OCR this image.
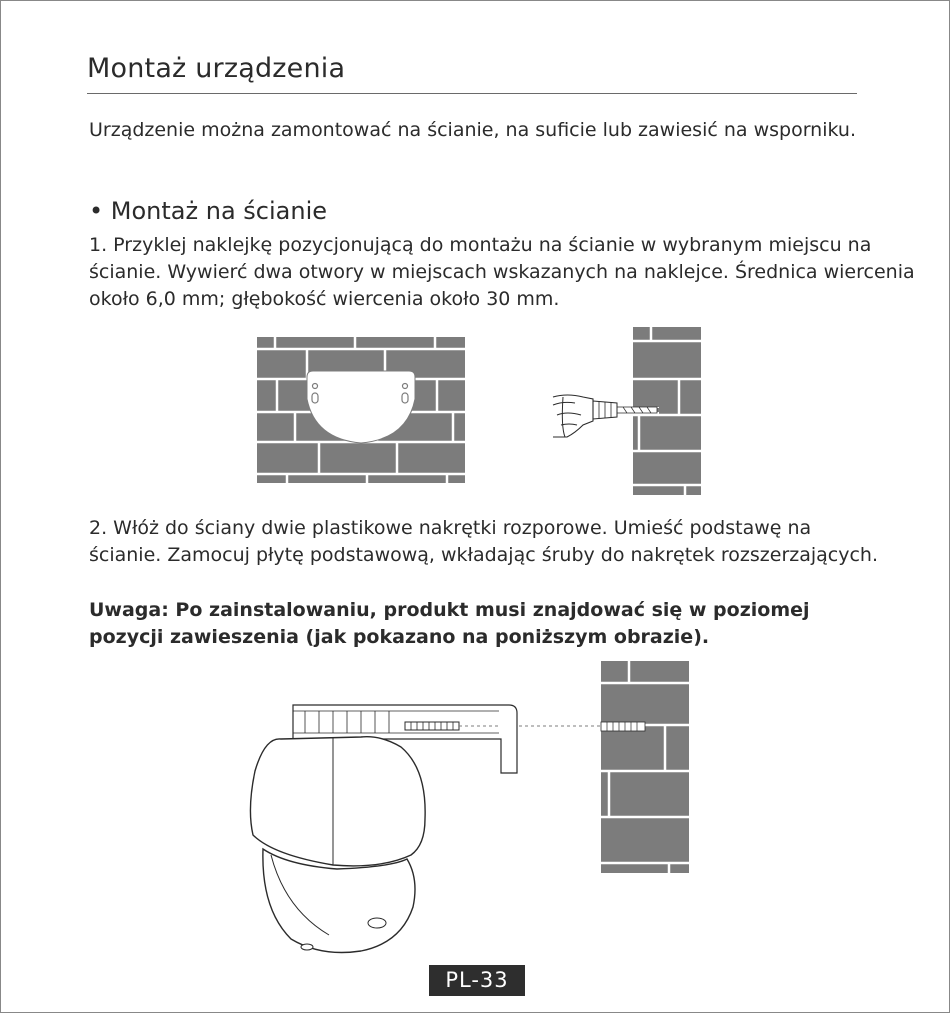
Montaż urządzenia
Urządzenie można zamontować na ścianie, na suficie lub zawiesić na wsporniku.
• Montaż na ścianie
1. Przyklej naklejkę pozycjonującą do montażu na ścianie w wybranym miejscu na ścianie. Wywierć dwa otwory w miejscach wskazanych na naklejce. Średnica wiercenia około 6,0 mm; głębokość wiercenia około 30 mm.
2. Włóż do ściany dwie plastikowe nakrętki rozporowe. Umieść podstawę na ścianie. Zamocuj płytę podstawową, wkładając śruby do nakrętek rozszerzających.
Uwaga: Po zainstalowaniu, produkt musi znajdować się w poziomej pozycji zawieszenia (jak pokazano na poniższym obrazie).
PL-33
